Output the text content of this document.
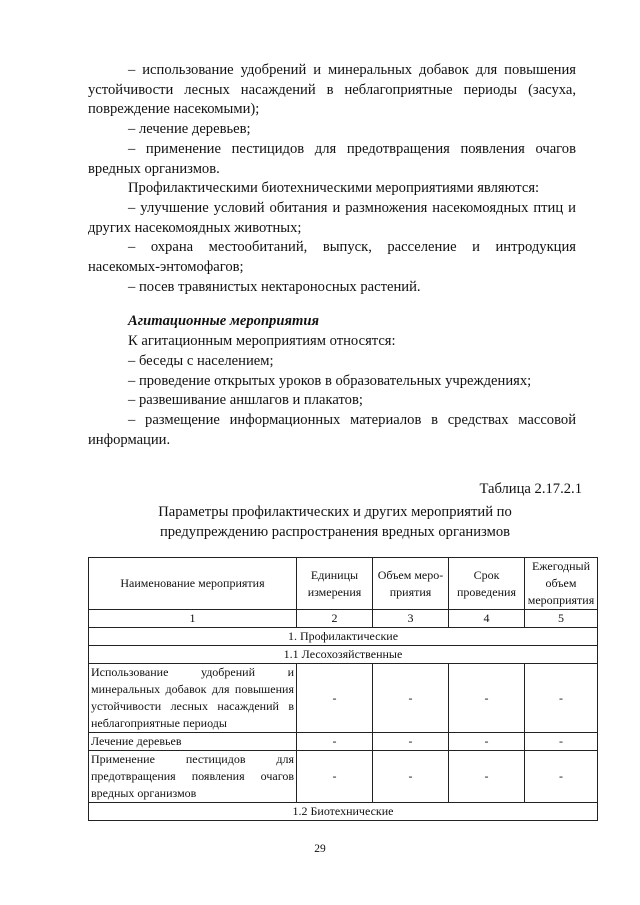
– использование удобрений и минеральных добавок для повышения устойчивости лесных насаждений в неблагоприятные периоды (засуха, повреждение насекомыми);

– лечение деревьев;

– применение пестицидов для предотвращения появления очагов вредных организмов.

Профилактическими биотехническими мероприятиями являются:

– улучшение условий обитания и размножения насекомоядных птиц и других насекомоядных животных;

– охрана местообитаний, выпуск, расселение и интродукция насекомых-энтомофагов;

– посев травянистых нектароносных растений.

Агитационные мероприятия

К агитационным мероприятиям относятся:

– беседы с населением;

– проведение открытых уроков в образовательных учреждениях;

– развешивание аншлагов и плакатов;

– размещение информационных материалов в средствах массовой информации.

Таблица 2.17.2.1
Параметры профилактических и других мероприятий по
предупреждению распространения вредных организмов
Наименование мероприятия	Единицы измерения	Объем меро-приятия	Срок проведения	Ежегодный объем мероприятия
1	2	3	4	5
1. Профилактические				
1.1 Лесохозяйственные				
Использование удобрений и минеральных добавок для повышения устойчивости лесных насаждений в неблагоприятные периоды	-	-	-	-
Лечение деревьев	-	-	-	-
Применение пестицидов для предотвращения появления очагов вредных организмов	-	-	-	-
1.2 Биотехнические				
29
